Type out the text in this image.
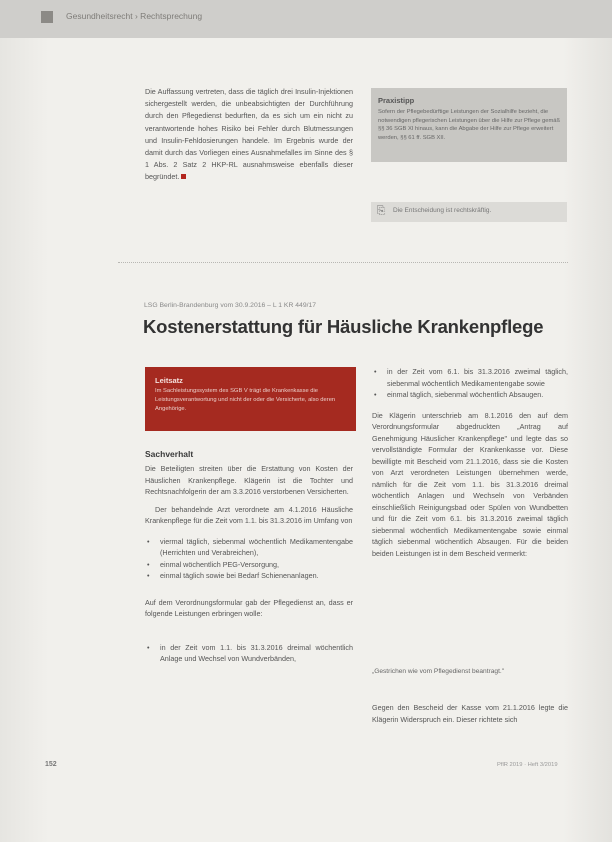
Gesundheitsrecht › Rechtsprechung
Die Auffassung vertreten, dass die täglich drei Insulin-Injektionen sichergestellt werden, die unbeabsichtigten der Durchführung durch den Pflegedienst bedurften, da es sich um ein nicht zu verantwortende hohes Risiko bei Fehler durch Blutmessungen und Insulin-Fehldosierungen handele. Im Ergebnis wurde der damit durch das Vorliegen eines Ausnahmefalles im Sinne des § 1 Abs. 2 Satz 2 HKP-RL ausnahmsweise ebenfalls dieser begründet.
Praxistipp
Sofern der Pflegebedürftige Leistungen der Sozialhilfe bezieht, die notwendigen pflegerischen Leistungen über die Hilfe zur Pflege gemäß §§ 36 SGB XI hinaus, kann die Abgabe der Hilfe zur Pflege erweitert werden, §§ 61 ff. SGB XII.
⎘	Die Entscheidung ist rechtskräftig.
LSG Berlin-Brandenburg vom 30.9.2016 – L 1 KR 449/17
Kostenerstattung für Häusliche Krankenpflege
Leitsatz
Im Sachleistungssystem des SGB V trägt die Krankenkasse die Leistungsverantwortung und nicht der oder die Versicherte, also deren Angehörige.
Sachverhalt
Die Beteiligten streiten über die Erstattung von Kosten der Häuslichen Krankenpflege. Klägerin ist die Tochter und Rechtsnachfolgerin der am 3.3.2016 verstorbenen Versicherten.
Der behandelnde Arzt verordnete am 4.1.2016 Häusliche Krankenpflege für die Zeit vom 1.1. bis 31.3.2016 im Umfang von
• viermal täglich, siebenmal wöchentlich Medikamentengabe (Herrichten und Verabreichen),
• einmal wöchentlich PEG-Versorgung,
• einmal täglich sowie bei Bedarf Schienenanlagen.
Auf dem Verordnungsformular gab der Pflegedienst an, dass er folgende Leistungen erbringen wolle:
• in der Zeit vom 1.1. bis 31.3.2016 dreimal wöchentlich Anlage und Wechsel von Wundverbänden,
• in der Zeit vom 6.1. bis 31.3.2016 zweimal täglich, siebenmal wöchentlich Medikamentengabe sowie
• einmal täglich, siebenmal wöchentlich Absaugen.
Die Klägerin unterschrieb am 8.1.2016 den auf dem Verordnungsformular abgedruckten „Antrag auf Genehmigung Häuslicher Krankenpflege" und legte das so vervollständigte Formular der Krankenkasse vor. Diese bewilligte mit Bescheid vom 21.1.2016, dass sie die Kosten von Arzt verordneten Leistungen übernehmen werde, nämlich für die Zeit vom 1.1. bis 31.3.2016 dreimal wöchentlich Anlagen und Wechseln von Verbänden einschließlich Reinigungsbad oder Spülen von Wundbetten und für die Zeit vom 6.1. bis 31.3.2016 zweimal täglich siebenmal wöchentlich Medikamentengabe sowie einmal täglich siebenmal wöchentlich Absaugen. Für die beiden beiden Leistungen ist in dem Bescheid vermerkt:
„Gestrichen wie vom Pflegedienst beantragt."
Gegen den Bescheid der Kasse vom 21.1.2016 legte die Klägerin Widerspruch ein. Dieser richtete sich
152	PflR 2019 · Heft 3/2019
